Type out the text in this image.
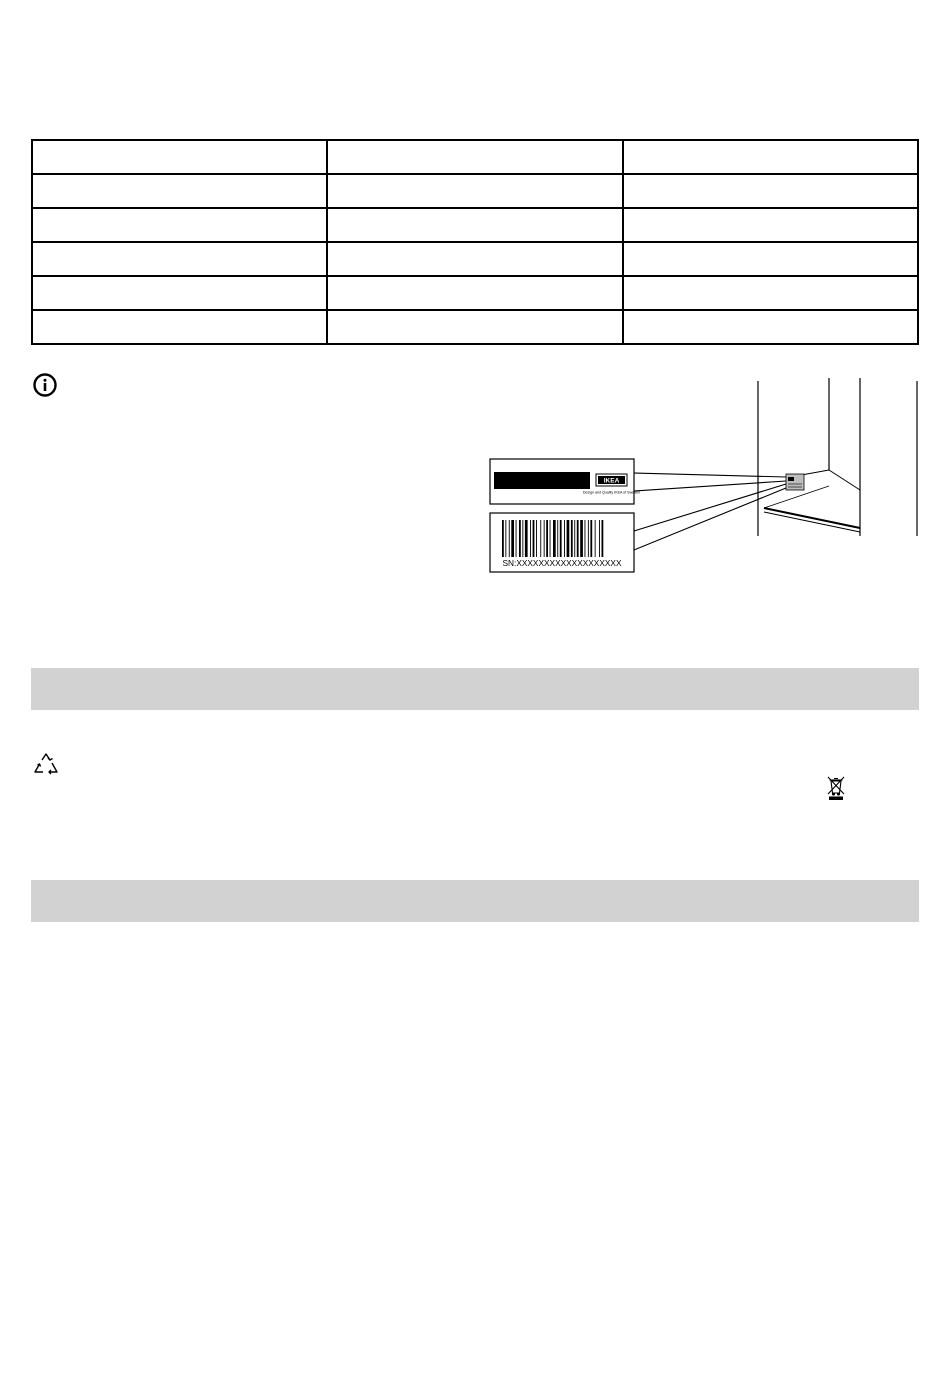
IKEA
Design and Quality IKEA of Sweden
SN:XXXXXXXXXXXXXXXXXXX
